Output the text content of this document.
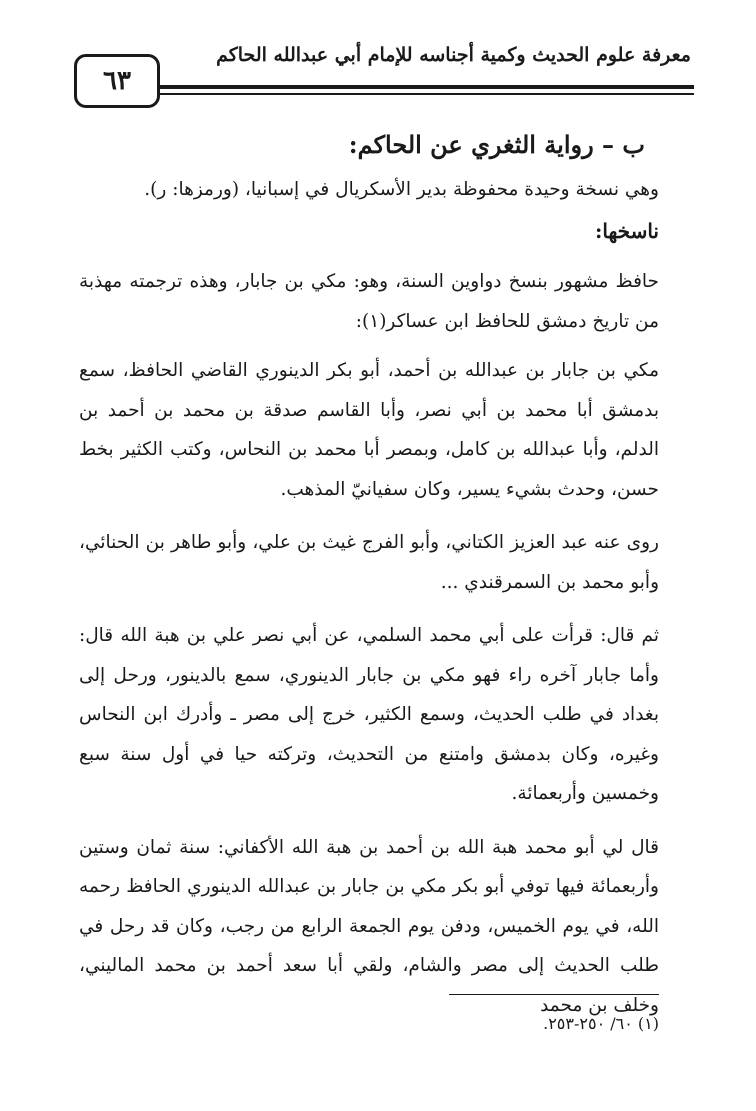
معرفة علوم الحديث وكمية أجناسه للإمام أبي عبدالله الحاكم
٦٣
ب – رواية الثغري عن الحاكم:
وهي نسخة وحيدة محفوظة بدير الأسكريال في إسبانيا، (ورمزها: ر).
ناسخها:

حافظ مشهور بنسخ دواوين السنة، وهو: مكي بن جابار، وهذه ترجمته مهذبة من تاريخ دمشق للحافظ ابن عساكر(١):

مكي بن جابار بن عبدالله بن أحمد، أبو بكر الدينوري القاضي الحافظ، سمع بدمشق أبا محمد بن أبي نصر، وأبا القاسم صدقة بن محمد بن أحمد بن الدلم، وأبا عبدالله بن كامل، وبمصر أبا محمد بن النحاس، وكتب الكثير بخط حسن، وحدث بشيء يسير، وكان سفيانيّ المذهب.

روى عنه عبد العزيز الكتاني، وأبو الفرج غيث بن علي، وأبو طاهر بن الحنائي، وأبو محمد بن السمرقندي ...

ثم قال: قرأت على أبي محمد السلمي، عن أبي نصر علي بن هبة الله قال: وأما جابار آخره راء فهو مكي بن جابار الدينوري، سمع بالدينور، ورحل إلى بغداد في طلب الحديث، وسمع الكثير، خرج إلى مصر ـ وأدرك ابن النحاس وغيره، وكان بدمشق وامتنع من التحديث، وتركته حيا في أول سنة سبع وخمسين وأربعمائة.

قال لي أبو محمد هبة الله بن أحمد بن هبة الله الأكفاني: سنة ثمان وستين وأربعمائة فيها توفي أبو بكر مكي بن جابار بن عبدالله الدينوري الحافظ رحمه الله، في يوم الخميس، ودفن يوم الجمعة الرابع من رجب، وكان قد رحل في طلب الحديث إلى مصر والشام، ولقي أبا سعد أحمد بن محمد الماليني، وخلف بن محمد

(١) ٦٠/ ٢٥٠-٢٥٣.
